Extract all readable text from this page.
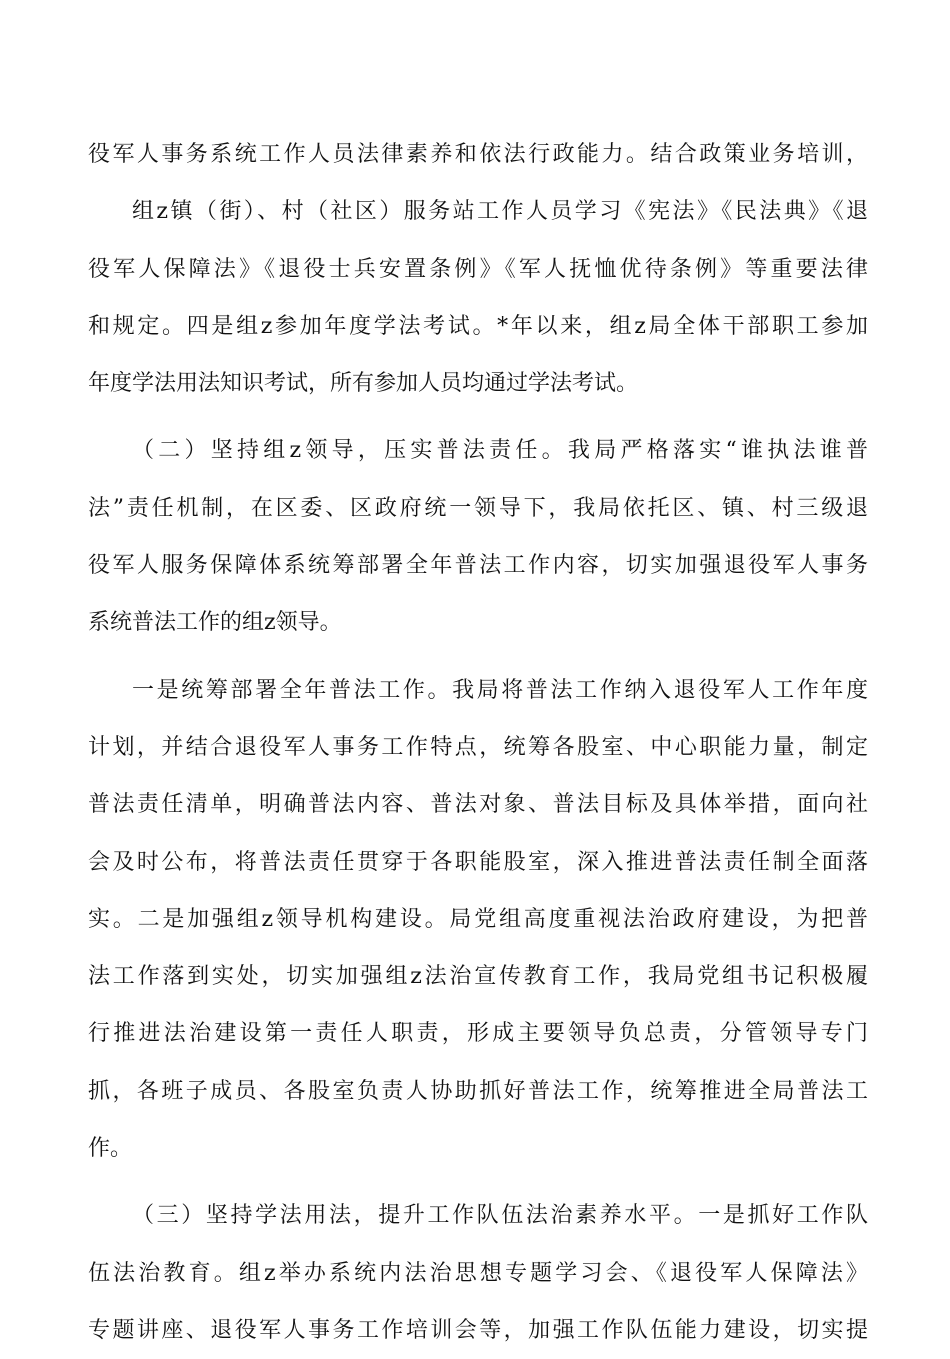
役军人事务系统工作人员法律素养和依法行政能力。结合政策业务培训，
组z镇（街）、村（社区）服务站工作人员学习《宪法》《民法典》《退
役军人保障法》《退役士兵安置条例》《军人抚恤优待条例》等重要法律
和规定。四是组z参加年度学法考试。*年以来，组z局全体干部职工参加
年度学法用法知识考试，所有参加人员均通过学法考试。
（二）坚持组z领导，压实普法责任。我局严格落实“谁执法谁普
法”责任机制，在区委、区政府统一领导下，我局依托区、镇、村三级退
役军人服务保障体系统筹部署全年普法工作内容，切实加强退役军人事务
系统普法工作的组z领导。
一是统筹部署全年普法工作。我局将普法工作纳入退役军人工作年度
计划，并结合退役军人事务工作特点，统筹各股室、中心职能力量，制定
普法责任清单，明确普法内容、普法对象、普法目标及具体举措，面向社
会及时公布，将普法责任贯穿于各职能股室，深入推进普法责任制全面落
实。二是加强组z领导机构建设。局党组高度重视法治政府建设，为把普
法工作落到实处，切实加强组z法治宣传教育工作，我局党组书记积极履
行推进法治建设第一责任人职责，形成主要领导负总责，分管领导专门
抓，各班子成员、各股室负责人协助抓好普法工作，统筹推进全局普法工
作。
（三）坚持学法用法，提升工作队伍法治素养水平。一是抓好工作队
伍法治教育。组z举办系统内法治思想专题学习会、《退役军人保障法》
专题讲座、退役军人事务工作培训会等，加强工作队伍能力建设，切实提
